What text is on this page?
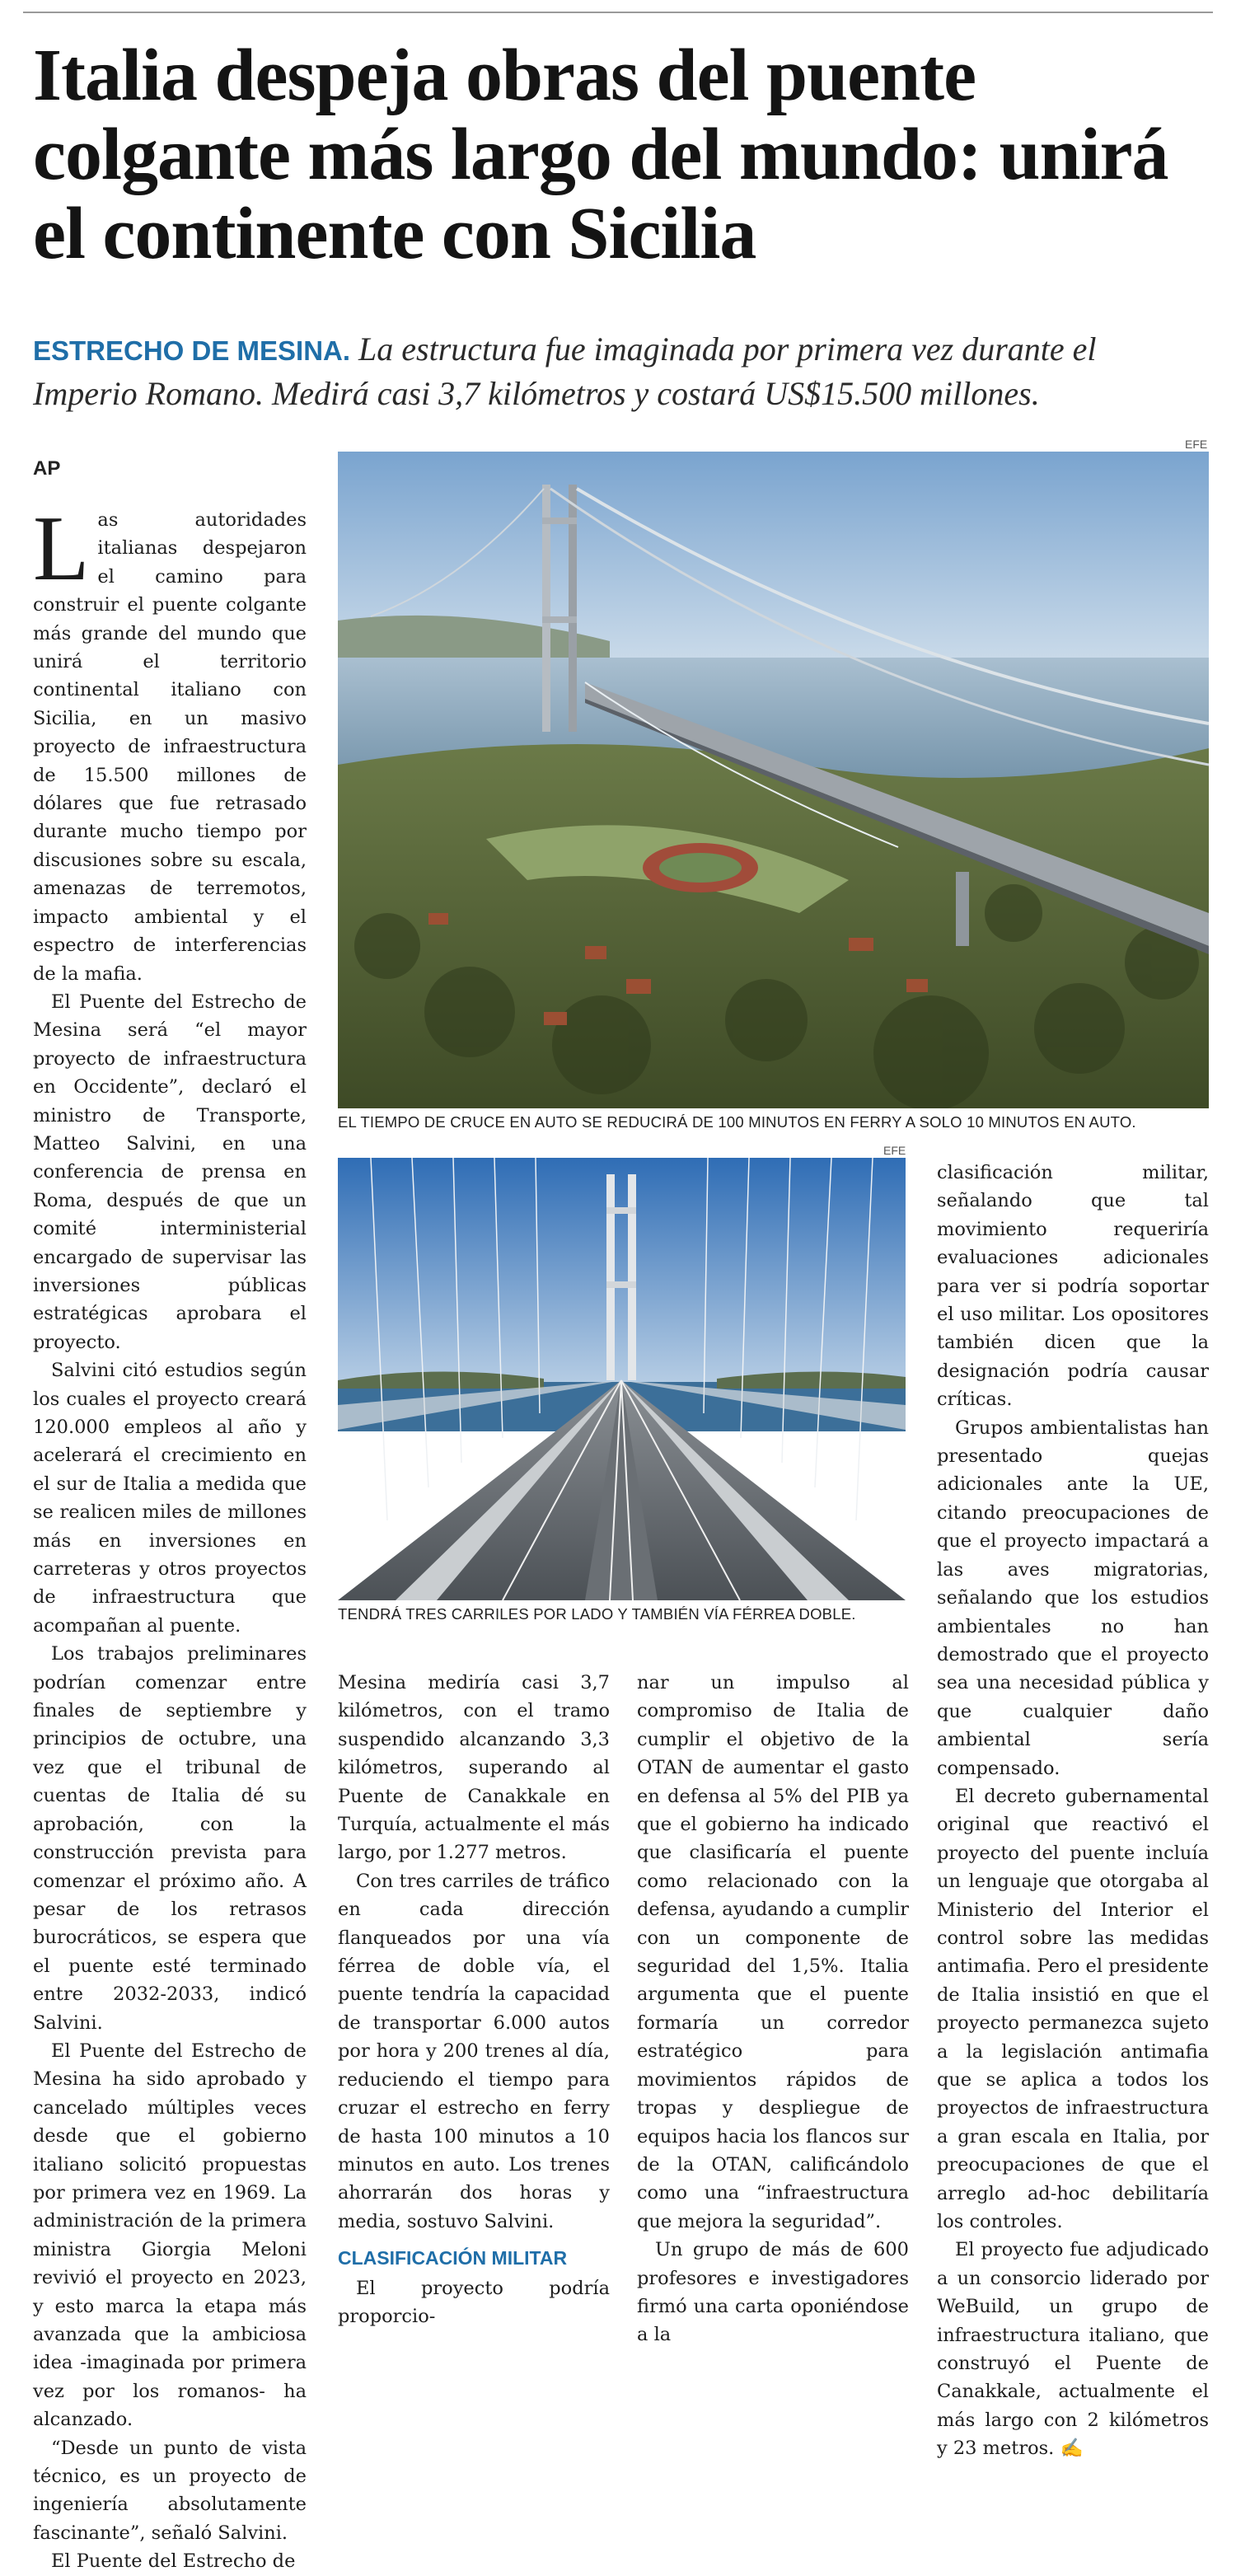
Italia despeja obras del puente colgante más largo del mundo: unirá el continente con Sicilia
ESTRECHO DE MESINA. La estructura fue imaginada por primera vez durante el Imperio Romano. Medirá casi 3,7 kilómetros y costará US$15.500 millones.
AP
EFE
EL TIEMPO DE CRUCE EN AUTO SE REDUCIRÁ DE 100 MINUTOS EN FERRY A SOLO 10 MINUTOS EN AUTO.
EFE
TENDRÁ TRES CARRILES POR LADO Y TAMBIÉN VÍA FÉRREA DOBLE.

Las autoridades italianas despejaron el camino para construir el puente colgante más grande del mundo que unirá el territorio continental italiano con Sicilia, en un masivo proyecto de infraestructura de 15.500 millones de dólares que fue retrasado durante mucho tiempo por discusiones sobre su escala, amenazas de terremotos, impacto ambiental y el espectro de interferencias de la mafia.

El Puente del Estrecho de Mesina será “el mayor proyecto de infraestructura en Occidente”, declaró el ministro de Transporte, Matteo Salvini, en una conferencia de prensa en Roma, después de que un comité interministerial encargado de supervisar las inversiones públicas estratégicas aprobara el proyecto.

Salvini citó estudios según los cuales el proyecto creará 120.000 empleos al año y acelerará el crecimiento en el sur de Italia a medida que se realicen miles de millones más en inversiones en carreteras y otros proyectos de infraestructura que acompañan al puente.

Los trabajos preliminares podrían comenzar entre finales de septiembre y principios de octubre, una vez que el tribunal de cuentas de Italia dé su aprobación, con la construcción prevista para comenzar el próximo año. A pesar de los retrasos burocráticos, se espera que el puente esté terminado entre 2032-2033, indicó Salvini.

El Puente del Estrecho de Mesina ha sido aprobado y cancelado múltiples veces desde que el gobierno italiano solicitó propuestas por primera vez en 1969. La administración de la primera ministra Giorgia Meloni revivió el proyecto en 2023, y esto marca la etapa más avanzada que la ambiciosa idea -imaginada por primera vez por los romanos- ha alcanzado.

“Desde un punto de vista técnico, es un proyecto de ingeniería absolutamente fascinante”, señaló Salvini.

El Puente del Estrecho de

Mesina mediría casi 3,7 kilómetros, con el tramo suspendido alcanzando 3,3 kilómetros, superando al Puente de Canakkale en Turquía, actualmente el más largo, por 1.277 metros.

Con tres carriles de tráfico en cada dirección flanqueados por una vía férrea de doble vía, el puente tendría la capacidad de transportar 6.000 autos por hora y 200 trenes al día, reduciendo el tiempo para cruzar el estrecho en ferry de hasta 100 minutos a 10 minutos en auto. Los trenes ahorrarán dos horas y media, sostuvo Salvini.

CLASIFICACIÓN MILITAR

El proyecto podría proporcio-

nar un impulso al compromiso de Italia de cumplir el objetivo de la OTAN de aumentar el gasto en defensa al 5% del PIB ya que el gobierno ha indicado que clasificaría el puente como relacionado con la defensa, ayudando a cumplir con un componente de seguridad del 1,5%. Italia argumenta que el puente formaría un corredor estratégico para movimientos rápidos de tropas y despliegue de equipos hacia los flancos sur de la OTAN, calificándolo como una “infraestructura que mejora la seguridad”.

Un grupo de más de 600 profesores e investigadores firmó una carta oponiéndose a la

clasificación militar, señalando que tal movimiento requeriría evaluaciones adicionales para ver si podría soportar el uso militar. Los opositores también dicen que la designación podría causar críticas.

Grupos ambientalistas han presentado quejas adicionales ante la UE, citando preocupaciones de que el proyecto impactará a las aves migratorias, señalando que los estudios ambientales no han demostrado que el proyecto sea una necesidad pública y que cualquier daño ambiental sería compensado.

El decreto gubernamental original que reactivó el proyecto del puente incluía un lenguaje que otorgaba al Ministerio del Interior el control sobre las medidas antimafia. Pero el presidente de Italia insistió en que el proyecto permanezca sujeto a la legislación antimafia que se aplica a todos los proyectos de infraestructura a gran escala en Italia, por preocupaciones de que el arreglo ad-hoc debilitaría los controles.

El proyecto fue adjudicado a un consorcio liderado por WeBuild, un grupo de infraestructura italiano, que construyó el Puente de Canakkale, actualmente el más largo con 2 kilómetros y 23 metros. ✍
